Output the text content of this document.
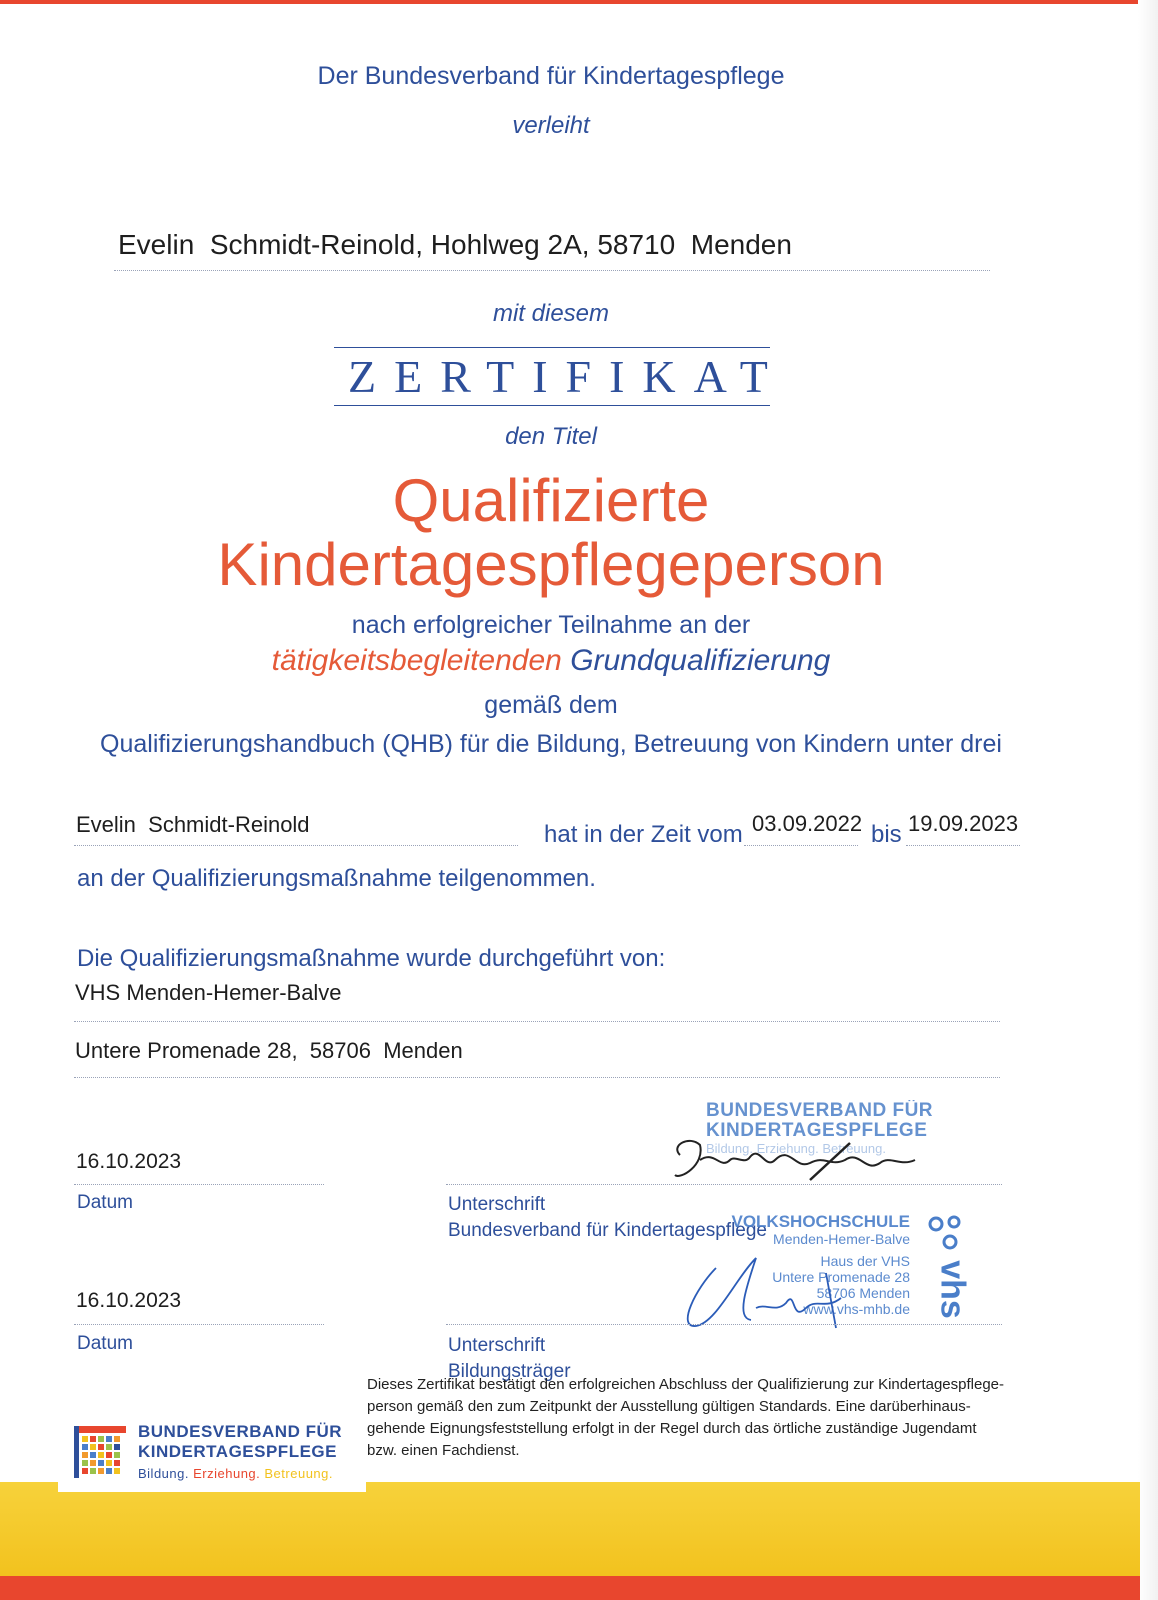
Der Bundesverband für Kindertagespflege
verleiht
Evelin  Schmidt-Reinold, Hohlweg 2A, 58710  Menden
mit diesem
ZERTIFIKAT
den Titel
Qualifizierte
Kindertagespflegeperson
nach erfolgreicher Teilnahme an der
tätigkeitsbegleitenden Grundqualifizierung
gemäß dem
Qualifizierungshandbuch (QHB) für die Bildung, Betreuung von Kindern unter drei
Evelin  Schmidt-Reinold	hat in der Zeit vom 03.09.2022 bis 19.09.2023
an der Qualifizierungsmaßnahme teilgenommen.
Die Qualifizierungsmaßnahme wurde durchgeführt von:
VHS Menden-Hemer-Balve
Untere Promenade 28,  58706  Menden
BUNDESVERBAND FÜR
KINDERTAGESPFLEGE
Bildung. Erziehung. Betreuung.
16.10.2023
Datum	Unterschrift
Bundesverband für Kindertagespflege
VOLKSHOCHSCHULE
Menden-Hemer-Balve
Haus der VHS
Untere Promenade 28
58706 Menden
www.vhs-mhb.de vhs
16.10.2023
Datum	Unterschrift
Bildungsträger
Dieses Zertifikat bestätigt den erfolgreichen Abschluss der Qualifizierung zur Kindertagespflege-
person gemäß den zum Zeitpunkt der Ausstellung gültigen Standards. Eine darüberhinaus-
gehende Eignungsfeststellung erfolgt in der Regel durch das örtliche zuständige Jugendamt
bzw. einen Fachdienst.
BUNDESVERBAND FÜR
KINDERTAGESPFLEGE
Bildung. Erziehung. Betreuung.
